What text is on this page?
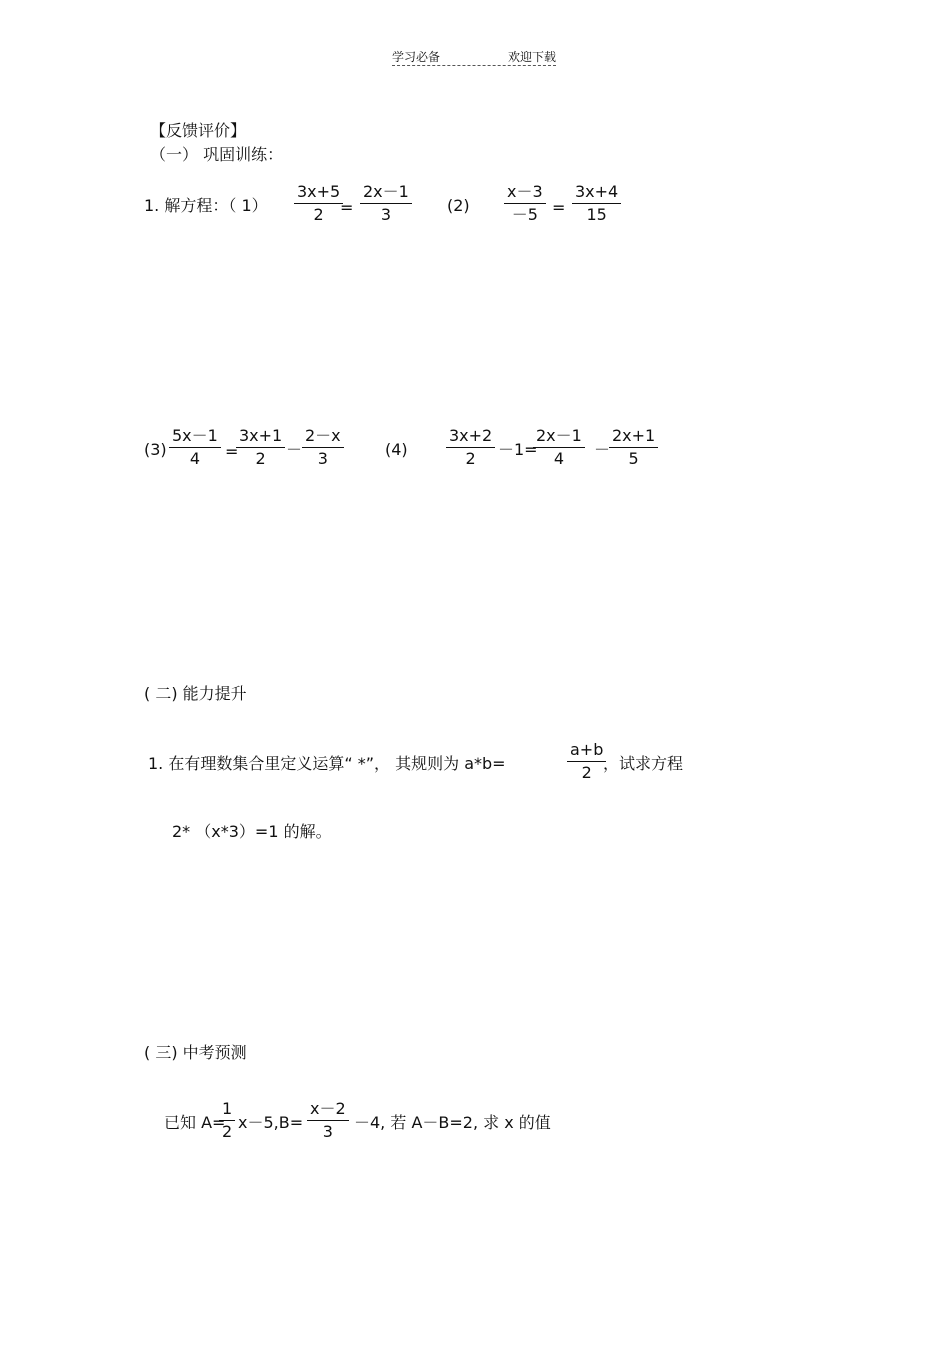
学习必备	欢迎下载
【反馈评价】
（一） 巩固训练：
1. 解方程：（ 1）
3x+5
2 =
2x－1
3	(2)
x－3
－5 =
3x+4
15
(3)
5x－1
4 =
3x+1
2 －
2－x
3	(4)
3x+2
2 －1=
2x－1
4 －
2x+1
5
( 二) 能力提升
1. 在有理数集合里定义运算“ *”， 其规则为 a*b=
a+b
2 ，试求方程
2* （x*3）=1 的解。
( 三) 中考预测
已知 A=
1
2 x－5,B=
x－2
3 －4, 若 A－B=2, 求 x 的值
